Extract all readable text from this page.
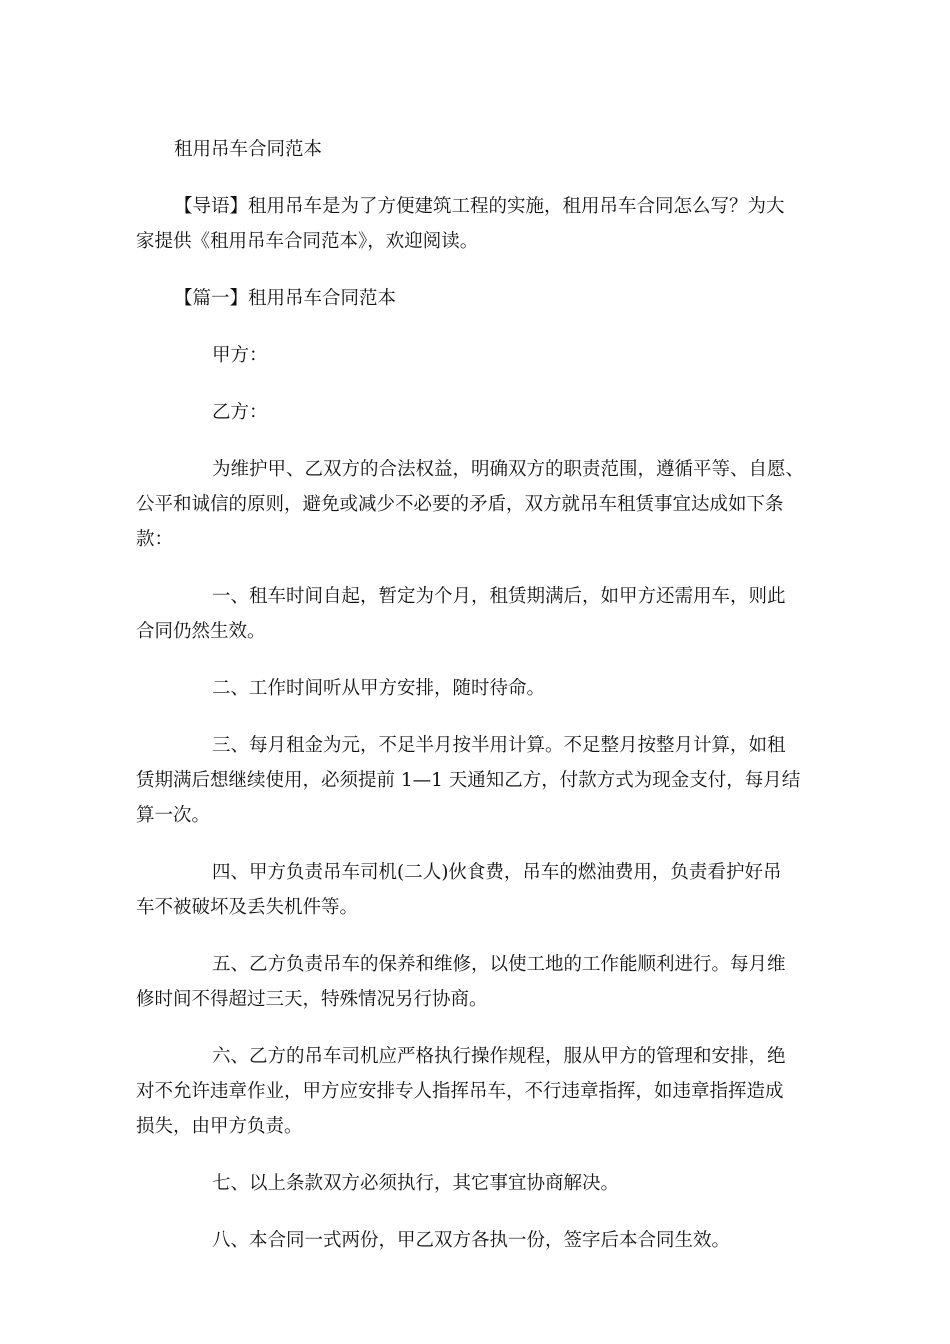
租用吊车合同范本

【导语】租用吊车是为了方便建筑工程的实施，租用吊车合同怎么写？为大

家提供《租用吊车合同范本》，欢迎阅读。

【篇一】租用吊车合同范本

甲方：

乙方：

为维护甲、乙双方的合法权益，明确双方的职责范围，遵循平等、自愿、

公平和诚信的原则，避免或减少不必要的矛盾，双方就吊车租赁事宜达成如下条

款：

一、租车时间自起，暂定为个月，租赁期满后，如甲方还需用车，则此

合同仍然生效。

二、工作时间听从甲方安排，随时待命。

三、每月租金为元，不足半月按半用计算。不足整月按整月计算，如租

赁期满后想继续使用，必须提前 1—1 天通知乙方，付款方式为现金支付，每月结

算一次。

四、甲方负责吊车司机(二人)伙食费，吊车的燃油费用，负责看护好吊

车不被破坏及丢失机件等。

五、乙方负责吊车的保养和维修，以使工地的工作能顺利进行。每月维

修时间不得超过三天，特殊情况另行协商。

六、乙方的吊车司机应严格执行操作规程，服从甲方的管理和安排，绝

对不允许违章作业，甲方应安排专人指挥吊车，不行违章指挥，如违章指挥造成

损失，由甲方负责。

七、以上条款双方必须执行，其它事宜协商解决。

八、本合同一式两份，甲乙双方各执一份，签字后本合同生效。
